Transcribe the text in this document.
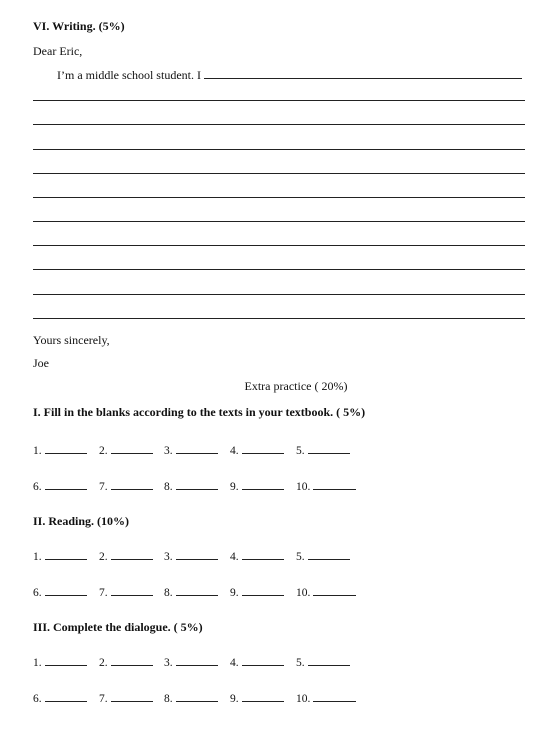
VI. Writing. (5%)
Dear Eric,
I’m a middle school student. I
Yours sincerely,
Joe
Extra practice ( 20%)
I. Fill in the blanks according to the texts in your textbook. ( 5%)
1.	2.	3.	4.	5.
6.	7.	8.	9.	10.
II. Reading. (10%)
1.	2.	3.	4.	5.
6.	7.	8.	9.	10.
III. Complete the dialogue. ( 5%)
1.	2.	3.	4.	5.
6.	7.	8.	9.	10.
